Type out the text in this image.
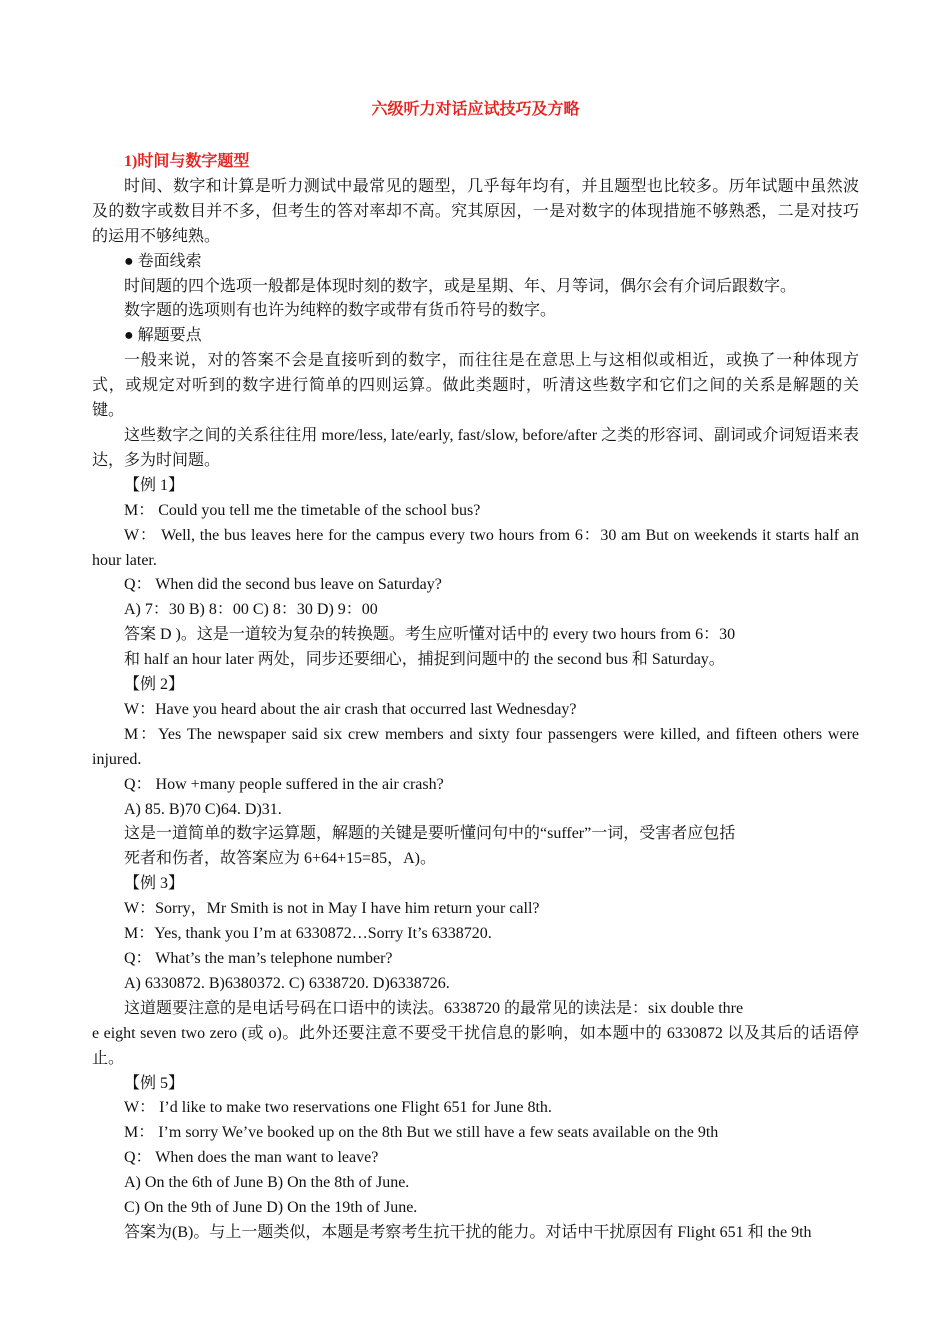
六级听力对话应试技巧及方略
1)时间与数字题型

时间、数字和计算是听力测试中最常见的题型，几乎每年均有，并且题型也比较多。历年试题中虽然波及的数字或数目并不多，但考生的答对率却不高。究其原因，一是对数字的体现措施不够熟悉，二是对技巧的运用不够纯熟。

● 卷面线索

时间题的四个选项一般都是体现时刻的数字，或是星期、年、月等词，偶尔会有介词后跟数字。

数字题的选项则有也许为纯粹的数字或带有货币符号的数字。

● 解题要点

一般来说，对的答案不会是直接听到的数字，而往往是在意思上与这相似或相近，或换了一种体现方式，或规定对听到的数字进行简单的四则运算。做此类题时，听清这些数字和它们之间的关系是解题的关键。

这些数字之间的关系往往用 more/less, late/early, fast/slow, before/after 之类的形容词、副词或介词短语来表达，多为时间题。

【例 1】

M： Could you tell me the timetable of the school bus?

W： Well, the bus leaves here for the campus every two hours from 6：30 am But on weekends it starts half an hour later.

Q： When did the second bus leave on Saturday?

A) 7：30 B) 8：00 C) 8：30 D) 9：00

答案 D )。这是一道较为复杂的转换题。考生应听懂对话中的 every two hours from 6：30

和 half an hour later 两处，同步还要细心，捕捉到问题中的 the second bus 和 Saturday。

【例 2】

W：Have you heard about the air crash that occurred last Wednesday?

M：Yes The newspaper said six crew members and sixty four passengers were killed, and fifteen others were injured.

Q： How +many people suffered in the air crash?

A) 85. B)70 C)64. D)31.

这是一道简单的数字运算题，解题的关键是要听懂问句中的“suffer”一词，受害者应包括

死者和伤者，故答案应为 6+64+15=85，A)。

【例 3】

W：Sorry，Mr Smith is not in May I have him return your call?

M：Yes, thank you I’m at 6330872…Sorry It’s 6338720.

Q： What’s the man’s telephone number?

A) 6330872. B)6380372. C) 6338720. D)6338726.

这道题要注意的是电话号码在口语中的读法。6338720 的最常见的读法是：six double thre

e eight seven two zero (或 o)。此外还要注意不要受干扰信息的影响，如本题中的 6330872 以及其后的话语停止。

【例 5】

W： I’d like to make two reservations one Flight 651 for June 8th.

M： I’m sorry We’ve booked up on the 8th But we still have a few seats available on the 9th

Q： When does the man want to leave?

A) On the 6th of June B) On the 8th of June.

C) On the 9th of June D) On the 19th of June.

答案为(B)。与上一题类似，本题是考察考生抗干扰的能力。对话中干扰原因有 Flight 651 和 the 9th
